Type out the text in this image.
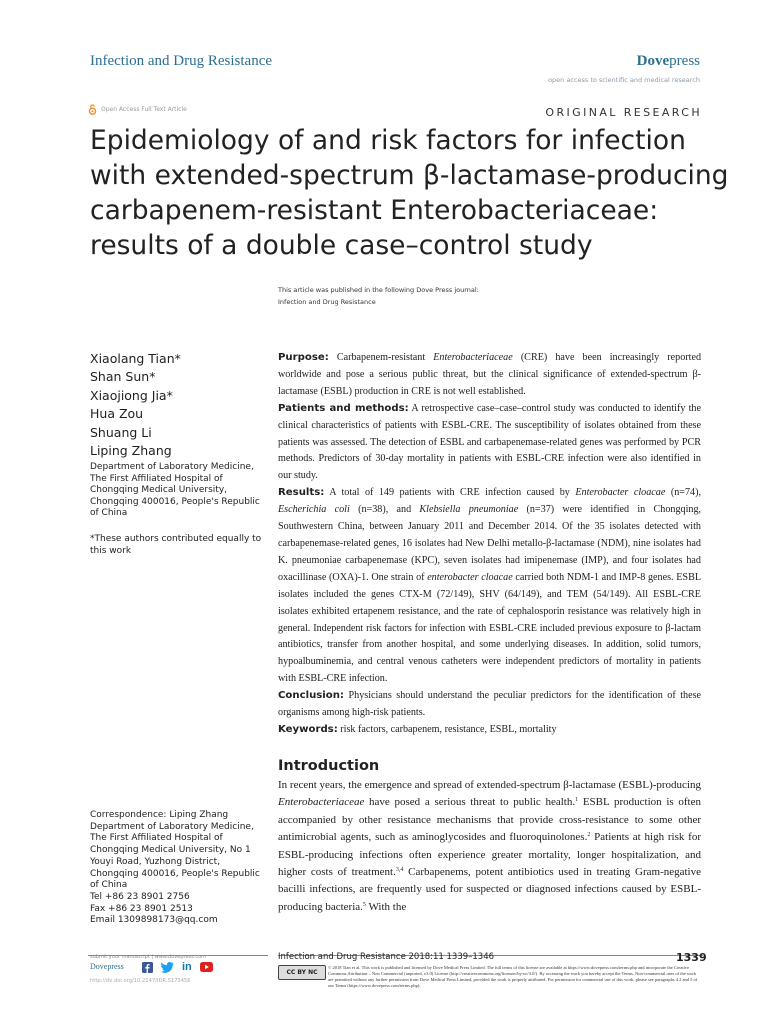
Infection and Drug Resistance	Dovepress
open access to scientific and medical research
Open Access Full Text Article	ORIGINAL RESEARCH
Epidemiology of and risk factors for infection with extended-spectrum β-lactamase-producing carbapenem-resistant Enterobacteriaceae: results of a double case–control study
This article was published in the following Dove Press journal:
Infection and Drug Resistance
Xiaolang Tian*
Shan Sun*
Xiaojiong Jia*
Hua Zou
Shuang Li
Liping Zhang
Department of Laboratory Medicine, The First Affiliated Hospital of Chongqing Medical University, Chongqing 400016, People's Republic of China
*These authors contributed equally to this work

Purpose: Carbapenem-resistant Enterobacteriaceae (CRE) have been increasingly reported worldwide and pose a serious public threat, but the clinical significance of extended-spectrum β-lactamase (ESBL) production in CRE is not well established.

Patients and methods: A retrospective case–case–control study was conducted to identify the clinical characteristics of patients with ESBL-CRE. The susceptibility of isolates obtained from these patients was assessed. The detection of ESBL and carbapenemase-related genes was performed by PCR methods. Predictors of 30-day mortality in patients with ESBL-CRE infection were also identified in our study.

Results: A total of 149 patients with CRE infection caused by Enterobacter cloacae (n=74), Escherichia coli (n=38), and Klebsiella pneumoniae (n=37) were identified in Chongqing, Southwestern China, between January 2011 and December 2014. Of the 35 isolates detected with carbapenemase-related genes, 16 isolates had New Delhi metallo-β-lactamase (NDM), nine isolates had K. pneumoniae carbapenemase (KPC), seven isolates had imipenemase (IMP), and four isolates had oxacillinase (OXA)-1. One strain of enterobacter cloacae carried both NDM-1 and IMP-8 genes. ESBL isolates included the genes CTX-M (72/149), SHV (64/149), and TEM (54/149). All ESBL-CRE isolates exhibited ertapenem resistance, and the rate of cephalosporin resistance was relatively high in general. Independent risk factors for infection with ESBL-CRE included previous exposure to β-lactam antibiotics, transfer from another hospital, and some underlying diseases. In addition, solid tumors, hypoalbuminemia, and central venous catheters were independent predictors of mortality in patients with ESBL-CRE infection.

Conclusion: Physicians should understand the peculiar predictors for the identification of these organisms among high-risk patients.

Keywords: risk factors, carbapenem, resistance, ESBL, mortality

Correspondence: Liping Zhang
Department of Laboratory Medicine, The First Affiliated Hospital of Chongqing Medical University, No 1 Youyi Road, Yuzhong District, Chongqing 400016, People's Republic of China
Tel +86 23 8901 2756
Fax +86 23 8901 2513
Email 1309898173@qq.com
Introduction
In recent years, the emergence and spread of extended-spectrum β-lactamase (ESBL)-producing Enterobacteriaceae have posed a serious threat to public health.$^1$ ESBL production is often accompanied by other resistance mechanisms that provide cross-resistance to some other antimicrobial agents, such as aminoglycosides and fluoroquinolones.$^2$ Patients at high risk for ESBL-producing infections often experience greater mortality, longer hospitalization, and higher costs of treatment.$^{3,4}$ Carbapenems, potent antibiotics used in treating Gram-negative bacilli infections, are frequently used for suspected or diagnosed infections caused by ESBL-producing bacteria.$^5$ With the
submit your manuscript | www.dovepress.com
Dovepress	in
http://dx.doi.org/10.2147/IDR.S173456
Infection and Drug Resistance 2018:11 1339–1346	1339
CC BY NC
© 2018 Tian et al. This work is published and licensed by Dove Medical Press Limited. The full terms of this license are available at https://www.dovepress.com/terms.php and incorporate the Creative Commons Attribution – Non Commercial (unported, v3.0) License (http://creativecommons.org/licenses/by-nc/3.0/). By accessing the work you hereby accept the Terms. Non-commercial uses of the work are permitted without any further permission from Dove Medical Press Limited, provided the work is properly attributed. For permission for commercial use of this work, please see paragraphs 4.2 and 5 of our Terms (https://www.dovepress.com/terms.php).
